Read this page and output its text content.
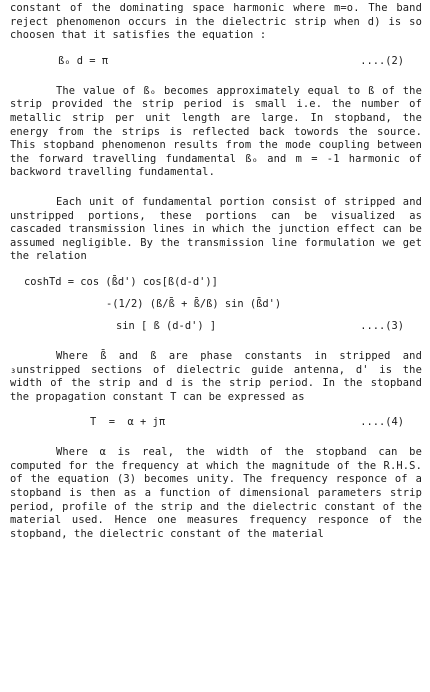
constant of the dominating space harmonic where m=o. The band reject phenomenon occurs in the dielectric strip when d) is so choosen that it satisfies the equation :

ßₒ d = π

	....(2)

The value of ßₒ becomes approximately equal to ß of the strip provided the strip period is small i.e. the number of metallic strip per unit length are large. In stopband, the energy from the strips is reflected back towords the source. This stopband phenomenon results from the mode coupling between the forward travelling fundamental ßₒ and m = -1 harmonic of backword travelling fundamental.

Each unit of fundamental portion consist of stripped and unstripped portions, these portions can be visualized as cascaded transmission lines in which the junction effect can be assumed negligible. By the transmission line formulation we get the relation

coshTd = cos (ß̄d') cos[ß(d-d')]

-(1/2) (ß/ß̄ + ß̄/ß) sin (ß̄d')

sin [ ß (d-d') ]

	....(3)

Where ß̄ and ß are phase constants in stripped and ₃unstripped sections of dielectric guide antenna, d' is the width of the strip and d is the strip period. In the stopband the propagation constant T can be expressed as

T  =  α + jπ

	....(4)

Where α is real, the width of the stopband can be computed for the frequency at which the magnitude of the R.H.S. of the equation (3) becomes unity. The frequency responce of a stopband is then as a function of dimensional parameters strip period, profile of the strip and the dielectric constant of the material used. Hence one measures frequency responce of the stopband, the dielectric constant of the material
